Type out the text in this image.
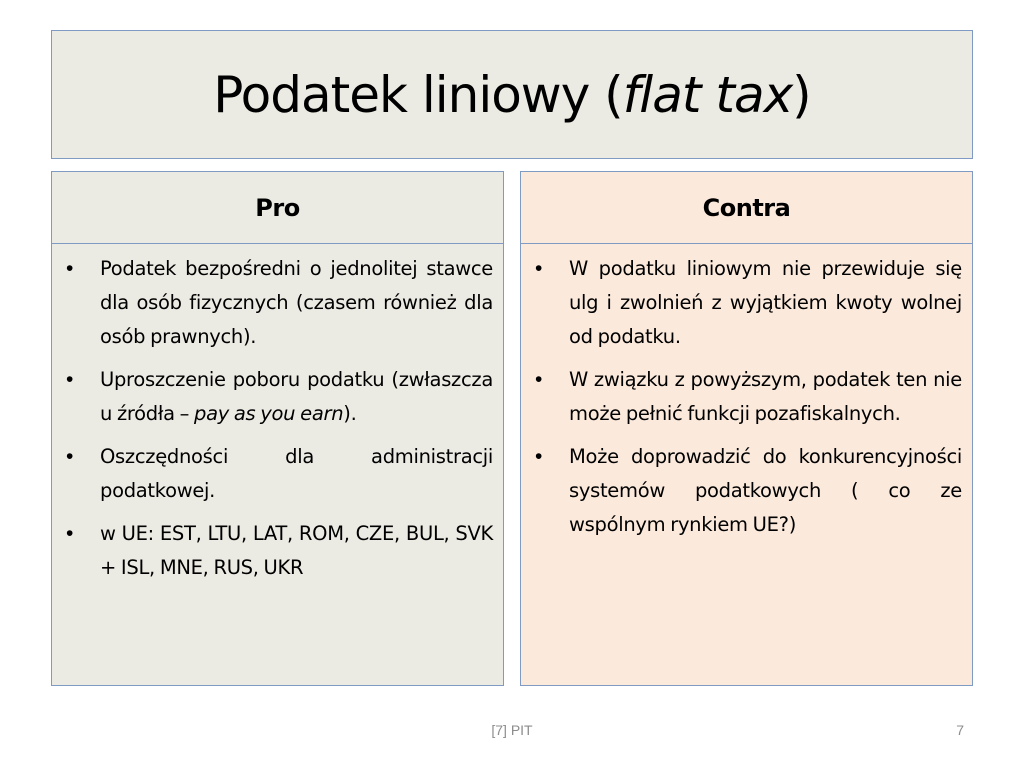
Podatek liniowy (flat tax)
Pro
•	Podatek bezpośredni o jednolitej stawce dla osób fizycznych (czasem również dla osób prawnych).
•	Uproszczenie poboru podatku (zwłaszcza u źródła – pay as you earn).
•	Oszczędności dla administracji podatkowej.
•	w UE: EST, LTU, LAT, ROM, CZE, BUL, SVK + ISL, MNE, RUS, UKR
Contra
•	W podatku liniowym nie przewiduje się ulg i zwolnień z wyjątkiem kwoty wolnej od podatku.
•	W związku z powyższym, podatek ten nie może pełnić funkcji pozafiskalnych.
•	Może doprowadzić do konkurencyjności systemów podatkowych ( co ze wspólnym rynkiem UE?)
[7] PIT	7
